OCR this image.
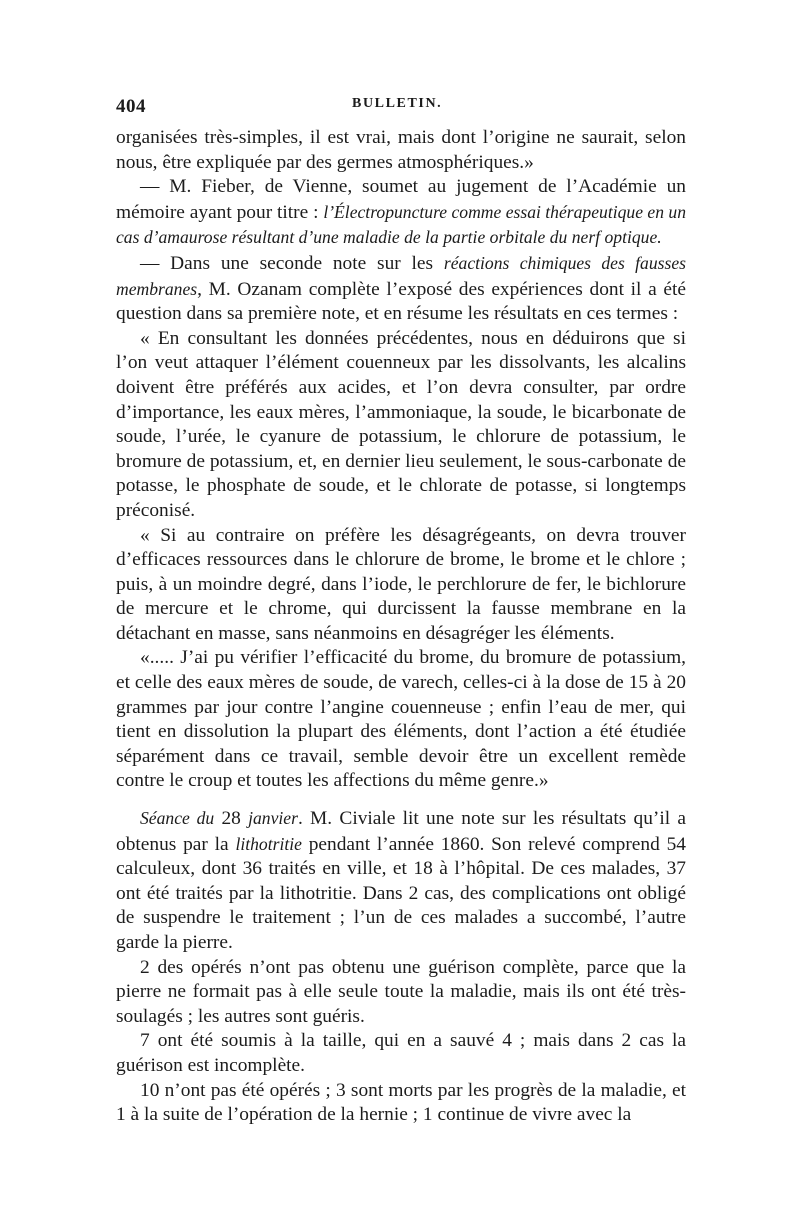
404	BULLETIN.

organisées très-simples, il est vrai, mais dont l’origine ne saurait, selon nous, être expliquée par des germes atmosphériques.»

— M. Fieber, de Vienne, soumet au jugement de l’Académie un mémoire ayant pour titre : l’Électropuncture comme essai thérapeutique en un cas d’amaurose résultant d’une maladie de la partie orbitale du nerf optique.

— Dans une seconde note sur les réactions chimiques des fausses membranes, M. Ozanam complète l’exposé des expériences dont il a été question dans sa première note, et en résume les résultats en ces termes :

« En consultant les données précédentes, nous en déduirons que si l’on veut attaquer l’élément couenneux par les dissolvants, les alcalins doivent être préférés aux acides, et l’on devra consulter, par ordre d’importance, les eaux mères, l’ammoniaque, la soude, le bicarbonate de soude, l’urée, le cyanure de potassium, le chlorure de potassium, le bromure de potassium, et, en dernier lieu seulement, le sous-carbonate de potasse, le phosphate de soude, et le chlorate de potasse, si longtemps préconisé.

« Si au contraire on préfère les désagrégeants, on devra trouver d’efficaces ressources dans le chlorure de brome, le brome et le chlore ; puis, à un moindre degré, dans l’iode, le perchlorure de fer, le bichlorure de mercure et le chrome, qui durcissent la fausse membrane en la détachant en masse, sans néanmoins en désagréger les éléments.

«..... J’ai pu vérifier l’efficacité du brome, du bromure de potassium, et celle des eaux mères de soude, de varech, celles-ci à la dose de 15 à 20 grammes par jour contre l’angine couenneuse ; enfin l’eau de mer, qui tient en dissolution la plupart des éléments, dont l’action a été étudiée séparément dans ce travail, semble devoir être un excellent remède contre le croup et toutes les affections du même genre.»

Séance du 28 janvier. M. Civiale lit une note sur les résultats qu’il a obtenus par la lithotritie pendant l’année 1860. Son relevé comprend 54 calculeux, dont 36 traités en ville, et 18 à l’hôpital. De ces malades, 37 ont été traités par la lithotritie. Dans 2 cas, des complications ont obligé de suspendre le traitement ; l’un de ces malades a succombé, l’autre garde la pierre.

2 des opérés n’ont pas obtenu une guérison complète, parce que la pierre ne formait pas à elle seule toute la maladie, mais ils ont été très-soulagés ; les autres sont guéris.

7 ont été soumis à la taille, qui en a sauvé 4 ; mais dans 2 cas la guérison est incomplète.

10 n’ont pas été opérés ; 3 sont morts par les progrès de la maladie, et 1 à la suite de l’opération de la hernie ; 1 continue de vivre avec la
